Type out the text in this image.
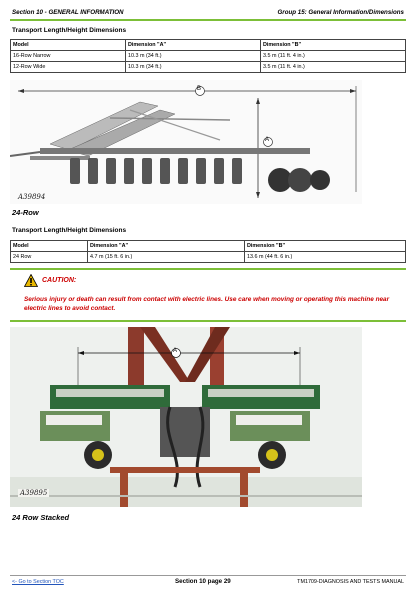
Section 10 - GENERAL INFORMATION	Group 15: General Information/Dimensions
Transport Length/Height Dimensions
Model	Dimension "A"	Dimension "B"
16-Row Narrow	10.3 m (34 ft.)	3.5 m (11 ft. 4 in.)
12-Row Wide	10.3 m (34 ft.)	3.5 m (11 ft. 4 in.)
B
A
A39894
24-Row
Transport Length/Height Dimensions
Model	Dimension "A"	Dimension "B"
24 Row	4.7 m (15 ft. 6 in.)	13.6 m (44 ft. 6 in.)
CAUTION:
Serious injury or death can result from contact with electric lines. Use care when moving or operating this machine near electric lines to avoid contact.
A
A39895
24 Row Stacked
<- Go to Section TOC	Section 10 page 29	TM1709-DIAGNOSIS AND TESTS MANUAL
